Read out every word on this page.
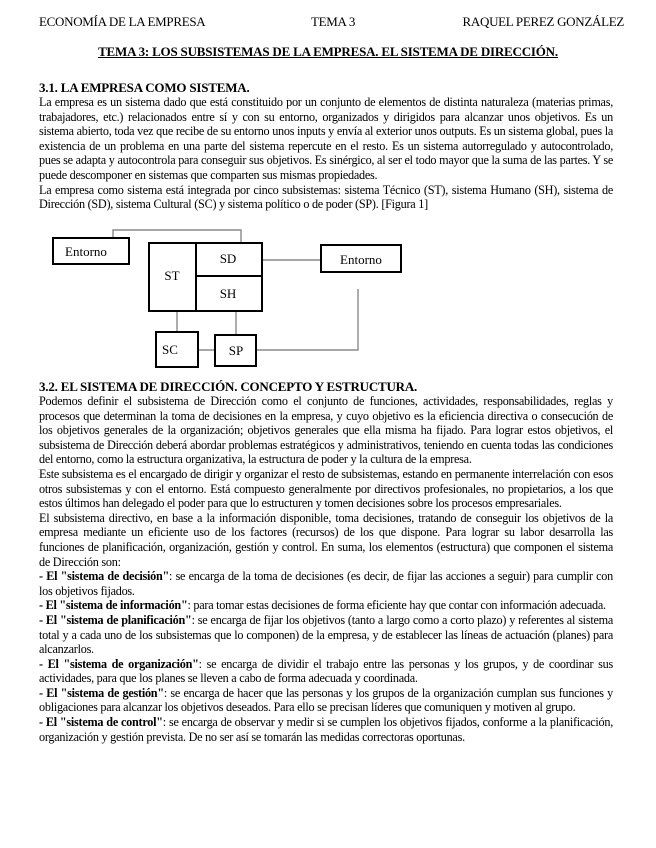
ECONOMÍA DE LA EMPRESA	TEMA 3	RAQUEL PEREZ GONZÁLEZ
TEMA 3: LOS SUBSISTEMAS DE LA EMPRESA. EL SISTEMA DE DIRECCIÓN.
3.1. LA EMPRESA COMO SISTEMA.

La empresa es un sistema dado que está constituido por un conjunto de elementos de distinta naturaleza (materias primas, trabajadores, etc.) relacionados entre sí y con su entorno, organizados y dirigidos para alcanzar unos objetivos. Es un sistema abierto, toda vez que recibe de su entorno unos inputs y envía al exterior unos outputs. Es un sistema global, pues la existencia de un problema en una parte del sistema repercute en el resto. Es un sistema autorregulado y autocontrolado, pues se adapta y autocontrola para conseguir sus objetivos. Es sinérgico, al ser el todo mayor que la suma de las partes. Y se puede descomponer en sistemas que comparten sus mismas propiedades.

La empresa como sistema está integrada por cinco subsistemas: sistema Técnico (ST), sistema Humano (SH), sistema de Dirección (SD), sistema Cultural (SC) y sistema político o de poder (SP). [Figura 1]

Entorno
ST
SD
SH
Entorno
SC	SP
3.2. EL SISTEMA DE DIRECCIÓN. CONCEPTO Y ESTRUCTURA.

Podemos definir el subsistema de Dirección como el conjunto de funciones, actividades, responsabilidades, reglas y procesos que determinan la toma de decisiones en la empresa, y cuyo objetivo es la eficiencia directiva o consecución de los objetivos generales de la organización; objetivos generales que ella misma ha fijado. Para lograr estos objetivos, el subsistema de Dirección deberá abordar problemas estratégicos y administrativos, teniendo en cuenta todas las condiciones del entorno, como la estructura organizativa, la estructura de poder y la cultura de la empresa.

Este subsistema es el encargado de dirigir y organizar el resto de subsistemas, estando en permanente interrelación con esos otros subsistemas y con el entorno. Está compuesto generalmente por directivos profesionales, no propietarios, a los que estos últimos han delegado el poder para que lo estructuren y tomen decisiones sobre los procesos empresariales.

El subsistema directivo, en base a la información disponible, toma decisiones, tratando de conseguir los objetivos de la empresa mediante un eficiente uso de los factores (recursos) de los que dispone. Para lograr su labor desarrolla las funciones de planificación, organización, gestión y control. En suma, los elementos (estructura) que componen el sistema de Dirección son:

- El "sistema de decisión": se encarga de la toma de decisiones (es decir, de fijar las acciones a seguir) para cumplir con los objetivos fijados.

- El "sistema de información": para tomar estas decisiones de forma eficiente hay que contar con información adecuada.

- El "sistema de planificación": se encarga de fijar los objetivos (tanto a largo como a corto plazo) y referentes al sistema total y a cada uno de los subsistemas que lo componen) de la empresa, y de establecer las líneas de actuación (planes) para alcanzarlos.

- El "sistema de organización": se encarga de dividir el trabajo entre las personas y los grupos, y de coordinar sus actividades, para que los planes se lleven a cabo de forma adecuada y coordinada.

- El "sistema de gestión": se encarga de hacer que las personas y los grupos de la organización cumplan sus funciones y obligaciones para alcanzar los objetivos deseados. Para ello se precisan líderes que comuniquen y motiven al grupo.

- El "sistema de control": se encarga de observar y medir si se cumplen los objetivos fijados, conforme a la planificación, organización y gestión prevista. De no ser así se tomarán las medidas correctoras oportunas.
